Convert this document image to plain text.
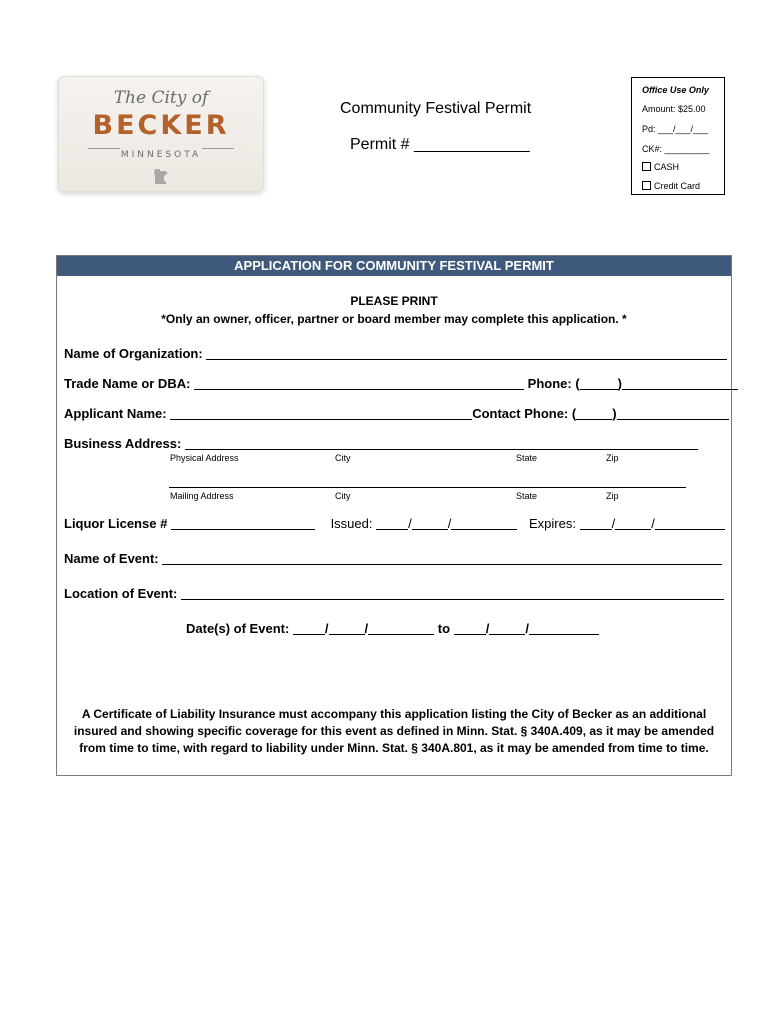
The City of
BECKER
MINNESOTA
Community Festival Permit
Permit # _____________
Office Use Only
Amount: $25.00
Pd: ___/___/___
CK#: _________
CASH
Credit Card
APPLICATION FOR COMMUNITY FESTIVAL PERMIT
PLEASE PRINT
*Only an owner, officer, partner or board member may complete this application. *
Name of Organization:
Trade Name or DBA:	Phone: (	)
Applicant Name:	Contact Phone: (	)
Business Address:
Physical Address	City	State	Zip
Mailing Address	City	State	Zip
Liquor License #	Issued:	/	/	Expires:	/	/
Name of Event:
Location of Event:
Date(s) of Event:	/	/	to	/	/
A Certificate of Liability Insurance must accompany this application listing the City of Becker as an additional
insured and showing specific coverage for this event as defined in Minn. Stat. § 340A.409, as it may be amended
from time to time, with regard to liability under Minn. Stat. § 340A.801, as it may be amended from time to time.
